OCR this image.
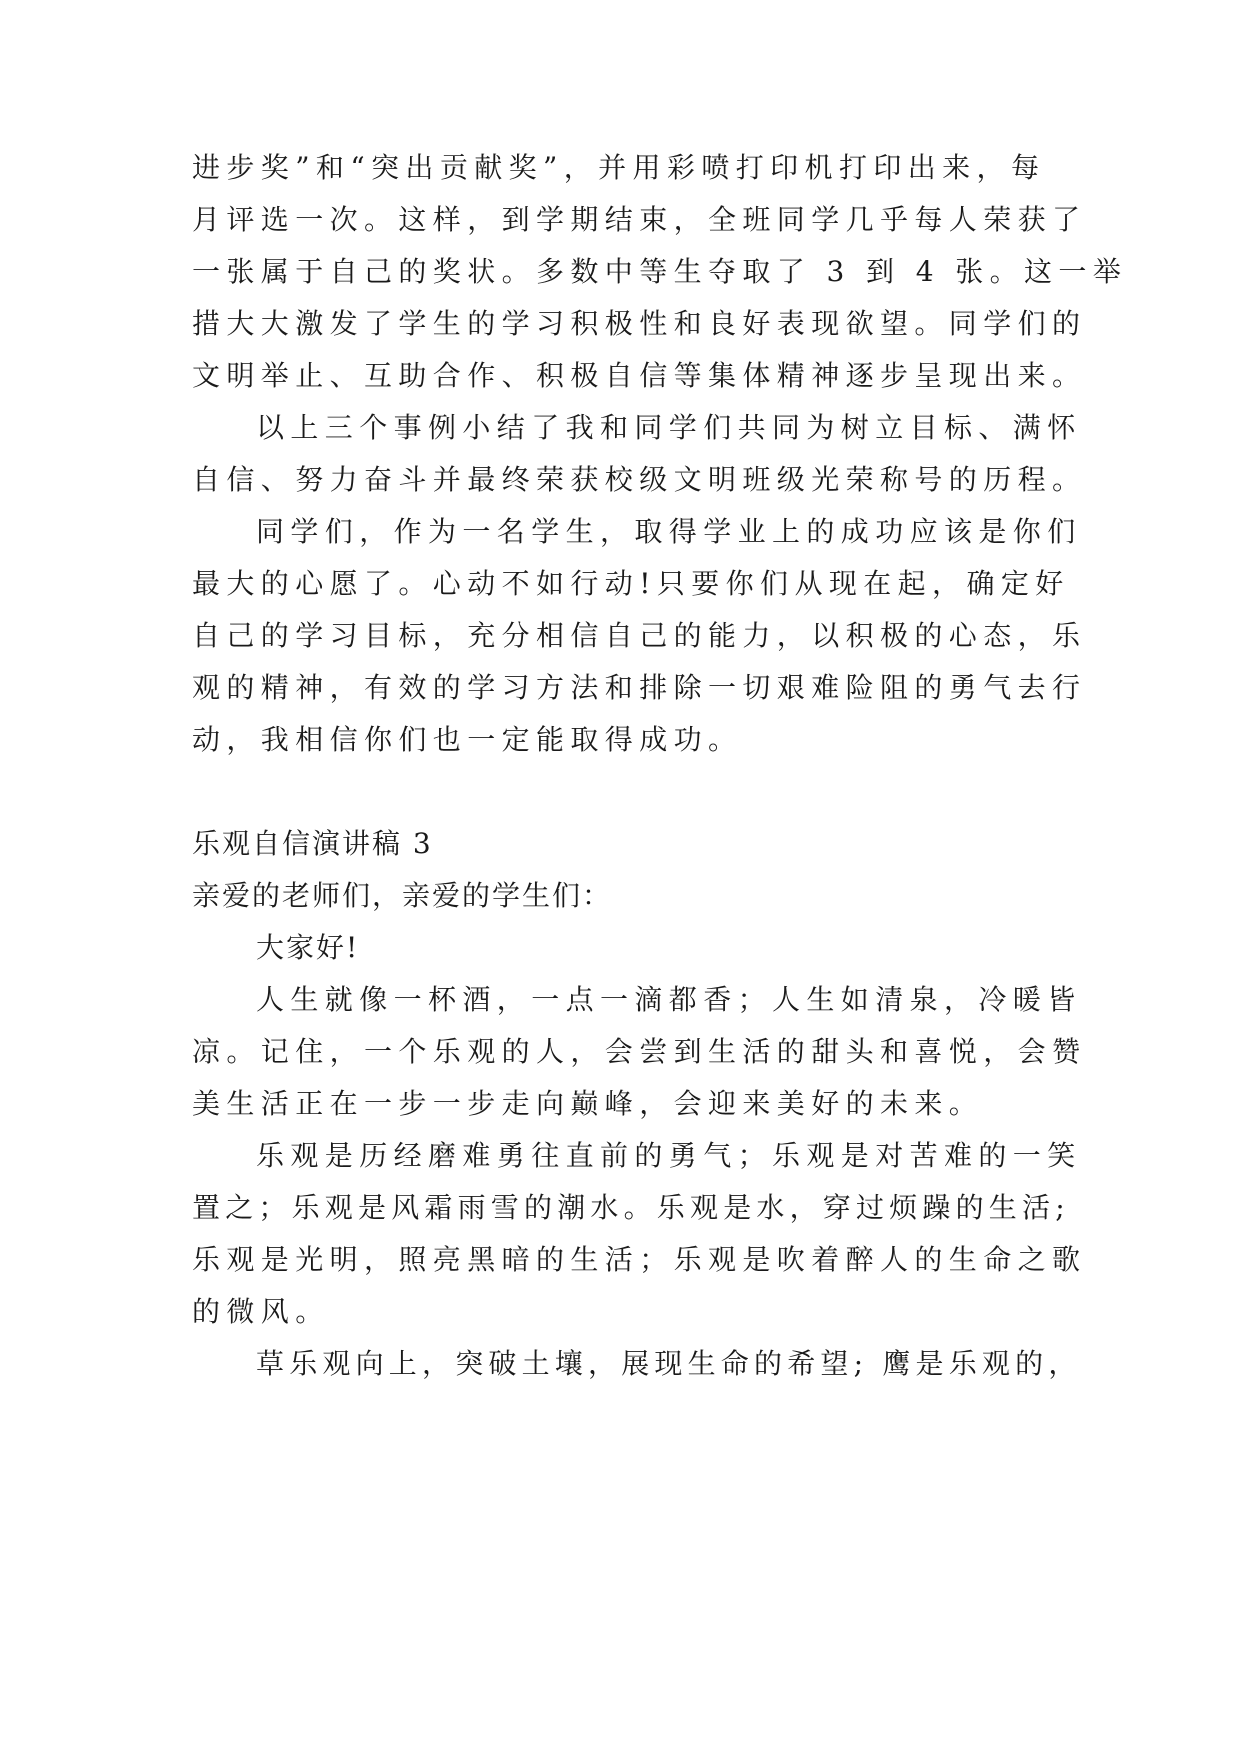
进步奖”和“突出贡献奖”，并用彩喷打印机打印出来，每
月评选一次。这样，到学期结束，全班同学几乎每人荣获了
一张属于自己的奖状。多数中等生夺取了 3 到 4 张。这一举
措大大激发了学生的学习积极性和良好表现欲望。同学们的
文明举止、互助合作、积极自信等集体精神逐步呈现出来。
以上三个事例小结了我和同学们共同为树立目标、满怀
自信、努力奋斗并最终荣获校级文明班级光荣称号的历程。
同学们，作为一名学生，取得学业上的成功应该是你们
最大的心愿了。心动不如行动!只要你们从现在起，确定好
自己的学习目标，充分相信自己的能力，以积极的心态，乐
观的精神，有效的学习方法和排除一切艰难险阻的勇气去行
动，我相信你们也一定能取得成功。
乐观自信演讲稿 3
亲爱的老师们，亲爱的学生们：
大家好!
人生就像一杯酒，一点一滴都香；人生如清泉，冷暖皆
凉。记住，一个乐观的人，会尝到生活的甜头和喜悦，会赞
美生活正在一步一步走向巅峰，会迎来美好的未来。
乐观是历经磨难勇往直前的勇气；乐观是对苦难的一笑
置之；乐观是风霜雨雪的潮水。乐观是水，穿过烦躁的生活;
乐观是光明，照亮黑暗的生活；乐观是吹着醉人的生命之歌
的微风。
草乐观向上，突破土壤，展现生命的希望; 鹰是乐观的，
